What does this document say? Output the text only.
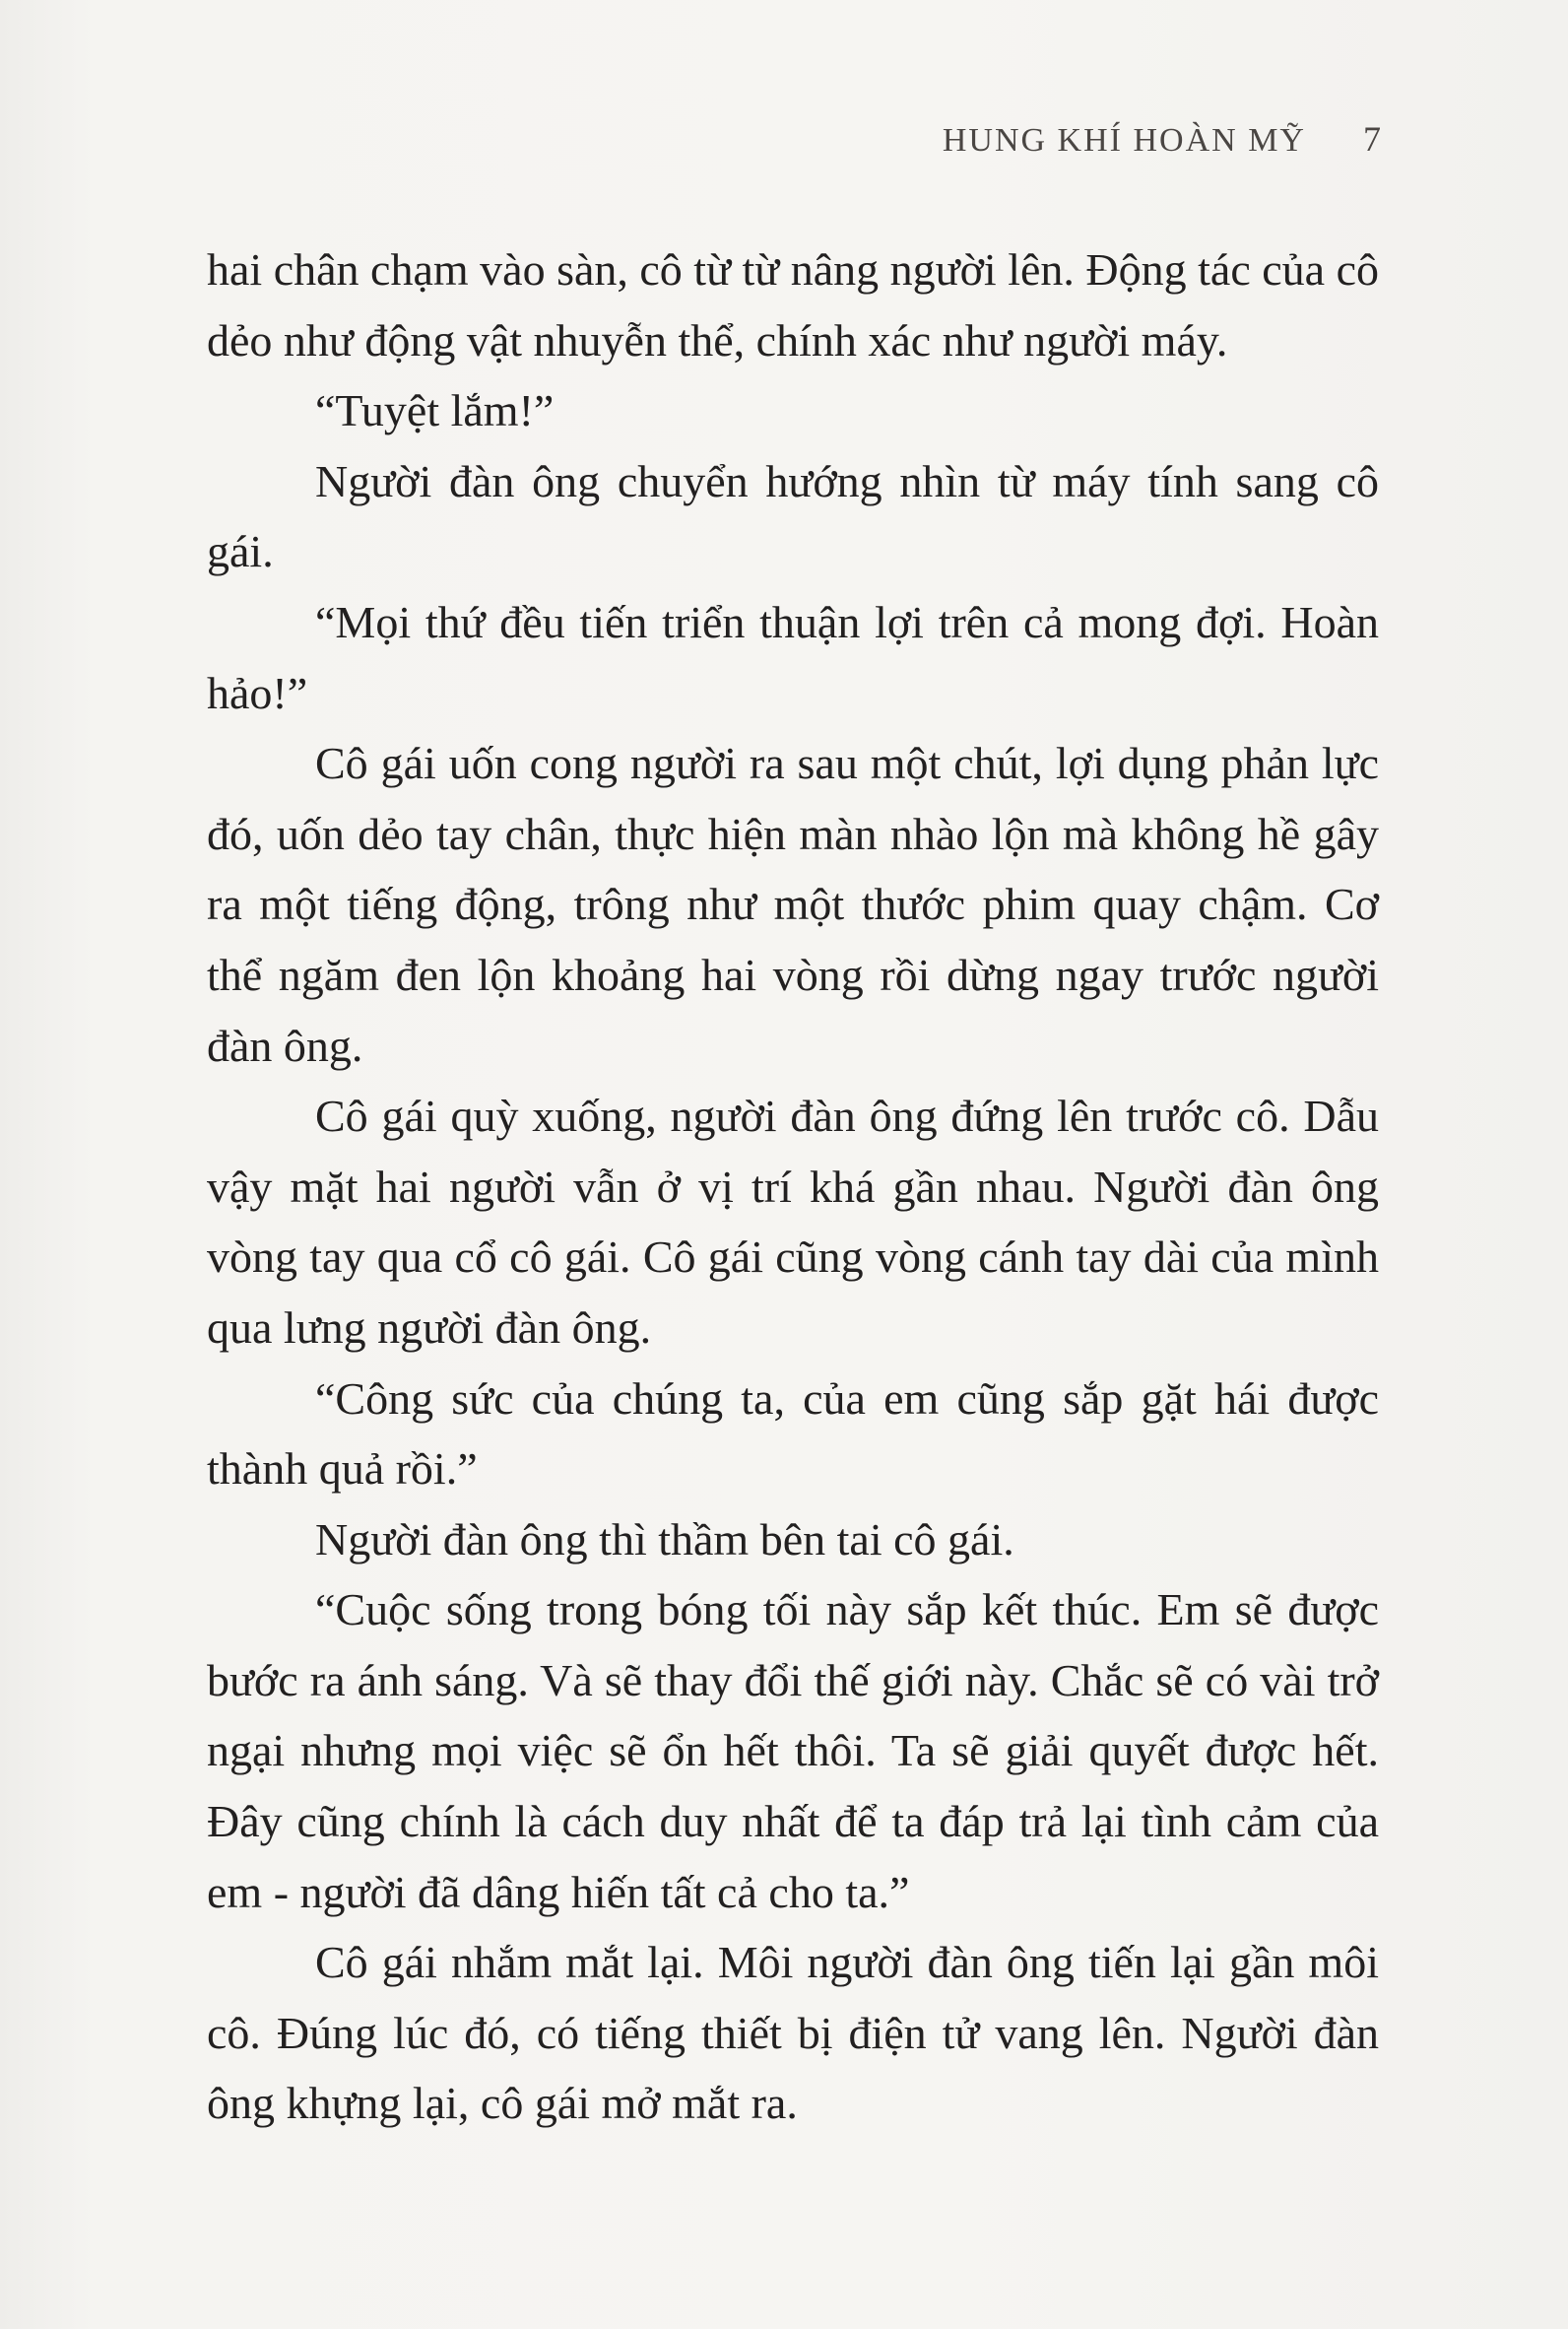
HUNG KHÍ HOÀN MỸ 7

hai chân chạm vào sàn, cô từ từ nâng người lên. Động tác của cô dẻo như động vật nhuyễn thể, chính xác như người máy.

“Tuyệt lắm!”

Người đàn ông chuyển hướng nhìn từ máy tính sang cô gái.

“Mọi thứ đều tiến triển thuận lợi trên cả mong đợi. Hoàn hảo!”

Cô gái uốn cong người ra sau một chút, lợi dụng phản lực đó, uốn dẻo tay chân, thực hiện màn nhào lộn mà không hề gây ra một tiếng động, trông như một thước phim quay chậm. Cơ thể ngăm đen lộn khoảng hai vòng rồi dừng ngay trước người đàn ông.

Cô gái quỳ xuống, người đàn ông đứng lên trước cô. Dẫu vậy mặt hai người vẫn ở vị trí khá gần nhau. Người đàn ông vòng tay qua cổ cô gái. Cô gái cũng vòng cánh tay dài của mình qua lưng người đàn ông.

“Công sức của chúng ta, của em cũng sắp gặt hái được thành quả rồi.”

Người đàn ông thì thầm bên tai cô gái.

“Cuộc sống trong bóng tối này sắp kết thúc. Em sẽ được bước ra ánh sáng. Và sẽ thay đổi thế giới này. Chắc sẽ có vài trở ngại nhưng mọi việc sẽ ổn hết thôi. Ta sẽ giải quyết được hết. Đây cũng chính là cách duy nhất để ta đáp trả lại tình cảm của em - người đã dâng hiến tất cả cho ta.”

Cô gái nhắm mắt lại. Môi người đàn ông tiến lại gần môi cô. Đúng lúc đó, có tiếng thiết bị điện tử vang lên. Người đàn ông khựng lại, cô gái mở mắt ra.
